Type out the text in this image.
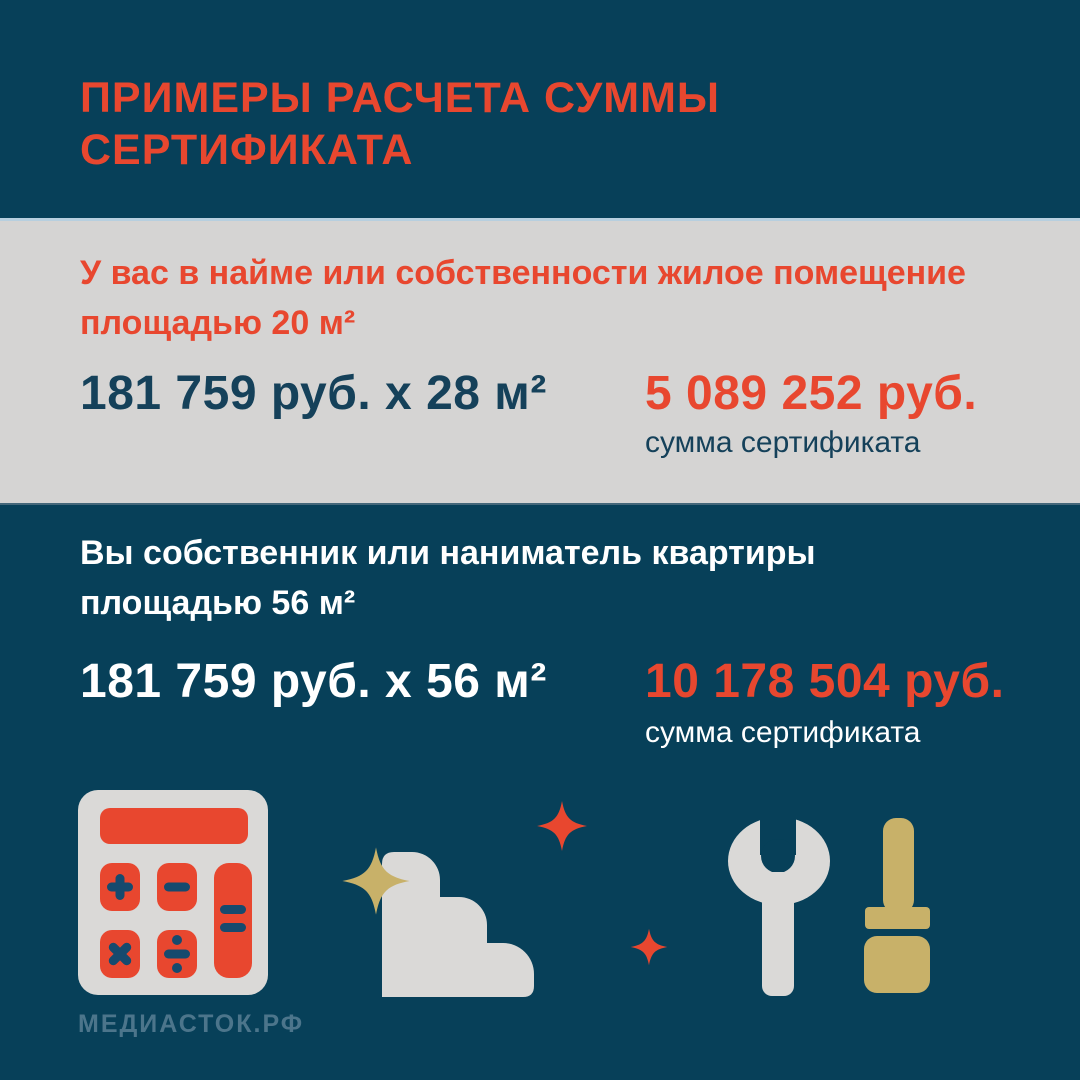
ПРИМЕРЫ РАСЧЕТА СУММЫ
СЕРТИФИКАТА
У вас в найме или собственности жилое помещение
площадью 20 м²
181 759 руб. x 28 м² 5 089 252 руб.
сумма сертификата
Вы собственник или наниматель квартиры
площадью 56 м²
181 759 руб. x 56 м² 10 178 504 руб.
сумма сертификата
МЕДИАСТОК.РФ
